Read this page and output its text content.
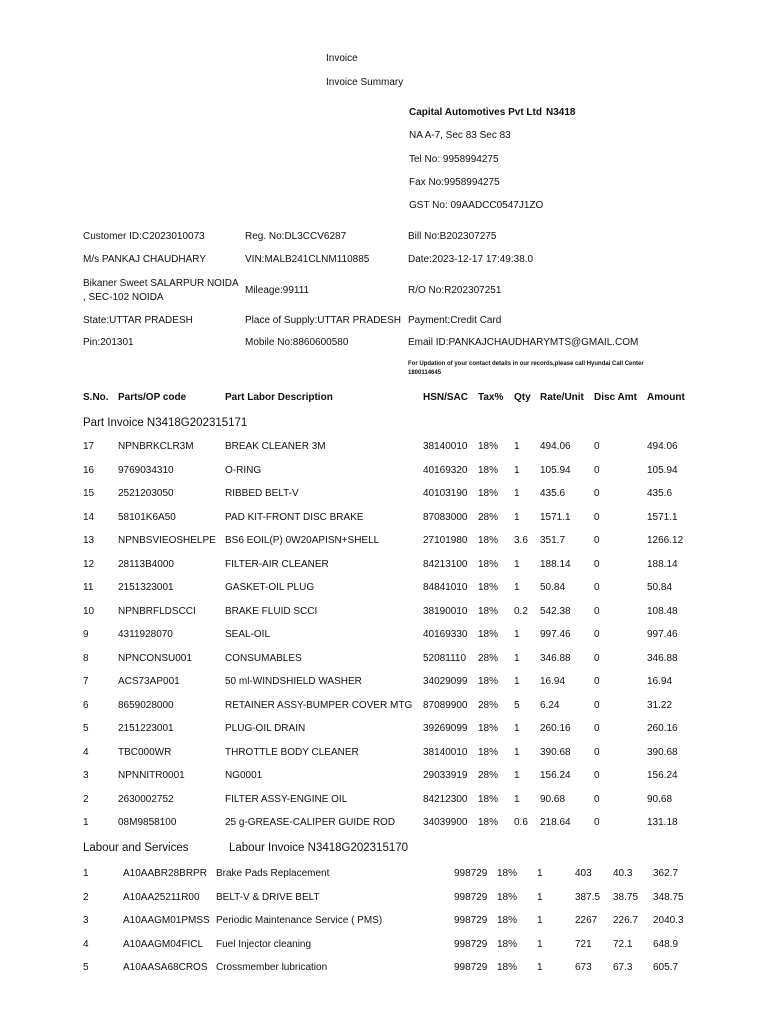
Invoice
Invoice Summary
Capital Automotives Pvt Ltd N3418
NA A-7, Sec 83 Sec 83
Tel No: 9958994275
Fax No:9958994275
GST No: 09AADCC0547J1ZO
Customer ID:C2023010073	Reg. No:DL3CCV6287	Bill No:B202307275
M/s PANKAJ CHAUDHARY	VIN:MALB241CLNM110885	Date:2023-12-17 17:49:38.0
Bikaner Sweet SALARPUR NOIDA
, SEC-102 NOIDA
Mileage:99111	R/O No:R202307251
State:UTTAR PRADESH	Place of Supply:UTTAR PRADESH Payment:Credit Card
Pin:201301	Mobile No:8860600580	Email ID:PANKAJCHAUDHARYMTS@GMAIL.COM
For Updation of your contact details in our records,please call Hyundai Call Center
1800114645
S.No. Parts/OP code	Part Labor Description	HSN/SAC Tax% Qty Rate/Unit Disc Amt Amount
Part Invoice N3418G202315171
17 NPNBRKCLR3M	BREAK CLEANER 3M	38140010 18% 1 494.06 0	494.06
16 9769034310	O-RING	40169320 18% 1 105.94 0	105.94
15 2521203050	RIBBED BELT-V	40103190 18% 1 435.6	0	435.6
14 58101K6A50	PAD KIT-FRONT DISC BRAKE	87083000 28% 1 1571.1 0	1571.1
13 NPNBSVIEOSHELPE BS6 EOIL(P) 0W20APISN+SHELL	27101980 18% 3.6 351.7	0	1266.12
12 28113B4000	FILTER-AIR CLEANER	84213100 18% 1 188.14 0	188.14
11 2151323001	GASKET-OIL PLUG	84841010 18% 1 50.84	0	50.84
10 NPNBRFLDSCCI	BRAKE FLUID SCCI	38190010 18% 0.2 542.38 0	108.48
9	4311928070	SEAL-OIL	40169330 18% 1 997.46 0	997.46
8	NPNCONSU001	CONSUMABLES	52081110 28% 1 346.88 0	346.88
7	ACS73AP001	50 ml-WINDSHIELD WASHER	34029099 18% 1 16.94	0	16.94
6	8659028000	RETAINER ASSY-BUMPER COVER MTG 87089900 28% 5 6.24	0	31.22
5	2151223001	PLUG-OIL DRAIN	39269099 18% 1 260.16 0	260.16
4	TBC000WR	THROTTLE BODY CLEANER	38140010 18% 1 390.68 0	390.68
3	NPNNITR0001	NG0001	29033919 28% 1 156.24 0	156.24
2	2630002752	FILTER ASSY-ENGINE OIL	84212300 18% 1 90.68	0	90.68
1	08M9858100	25 g-GREASE-CALIPER GUIDE ROD	34039900 18% 0.6 218.64 0	131.18
Labour and Services	Labour Invoice N3418G202315170
1	A10AABR28BRPR Brake Pads Replacement	998729 18% 1	403 40.3 362.7
2	A10AA25211R00 BELT-V & DRIVE BELT	998729 18% 1	387.5 38.75 348.75
3	A10AAGM01PMSS Periodic Maintenance Service ( PMS)	998729 18% 1	2267 226.7 2040.3
4	A10AAGM04FICL Fuel Injector cleaning	998729 18% 1	721 72.1 648.9
5	A10AASA68CROS Crossmember lubrication	998729 18% 1	673 67.3 605.7
